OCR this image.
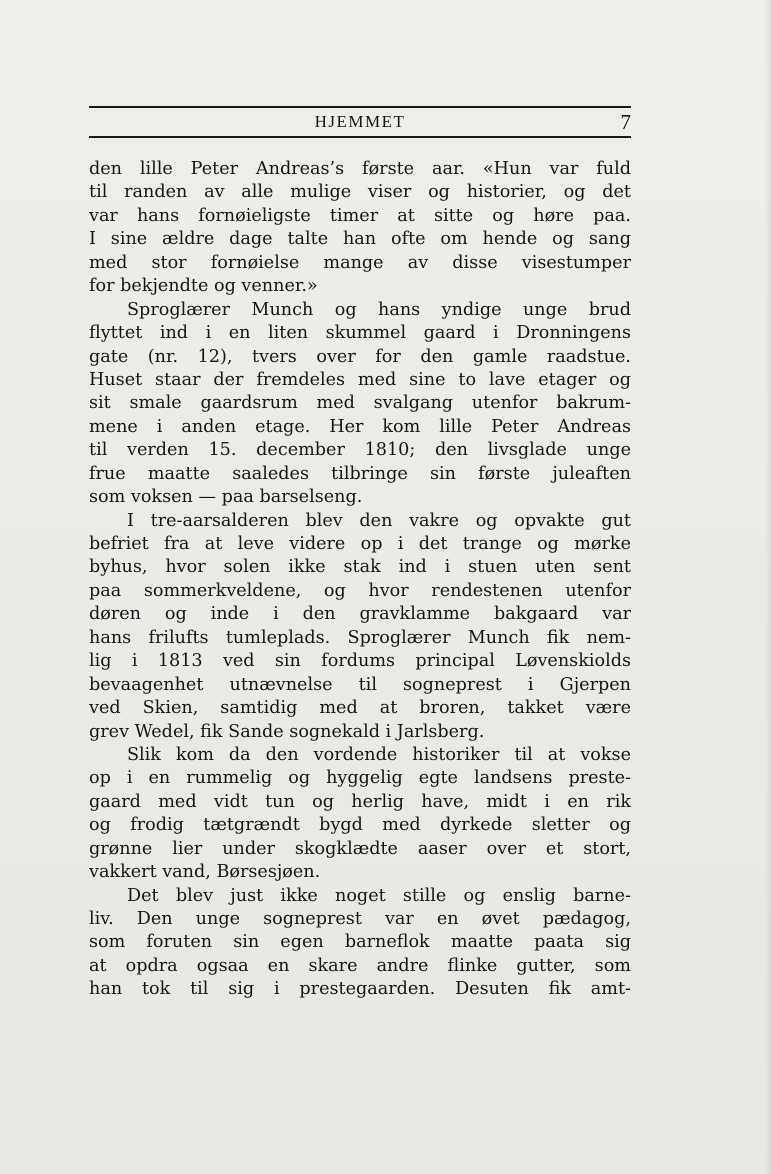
HJEMMET	7
den lille Peter Andreas’s første aar. «Hun var fuld
til randen av alle mulige viser og historier, og det
var hans fornøieligste timer at sitte og høre paa.
I sine ældre dage talte han ofte om hende og sang
med stor fornøielse mange av disse visestumper
for bekjendte og venner.»
Sproglærer Munch og hans yndige unge brud
flyttet ind i en liten skummel gaard i Dronningens
gate (nr. 12), tvers over for den gamle raadstue.
Huset staar der fremdeles med sine to lave etager og
sit smale gaardsrum med svalgang utenfor bakrum-
mene i anden etage. Her kom lille Peter Andreas
til verden 15. december 1810; den livsglade unge
frue maatte saaledes tilbringe sin første juleaften
som voksen — paa barselseng.
I tre-aarsalderen blev den vakre og opvakte gut
befriet fra at leve videre op i det trange og mørke
byhus, hvor solen ikke stak ind i stuen uten sent
paa sommerkveldene, og hvor rendestenen utenfor
døren og inde i den gravklamme bakgaard var
hans frilufts tumleplads. Sproglærer Munch fik nem-
lig i 1813 ved sin fordums principal Løvenskiolds
bevaagenhet utnævnelse til sogneprest i Gjerpen
ved Skien, samtidig med at broren, takket være
grev Wedel, fik Sande sognekald i Jarlsberg.
Slik kom da den vordende historiker til at vokse
op i en rummelig og hyggelig egte landsens preste-
gaard med vidt tun og herlig have, midt i en rik
og frodig tætgrændt bygd med dyrkede sletter og
grønne lier under skogklædte aaser over et stort,
vakkert vand, Børsesjøen.
Det blev just ikke noget stille og enslig barne-
liv. Den unge sogneprest var en øvet pædagog,
som foruten sin egen barneflok maatte paata sig
at opdra ogsaa en skare andre flinke gutter, som
han tok til sig i prestegaarden. Desuten fik amt-
